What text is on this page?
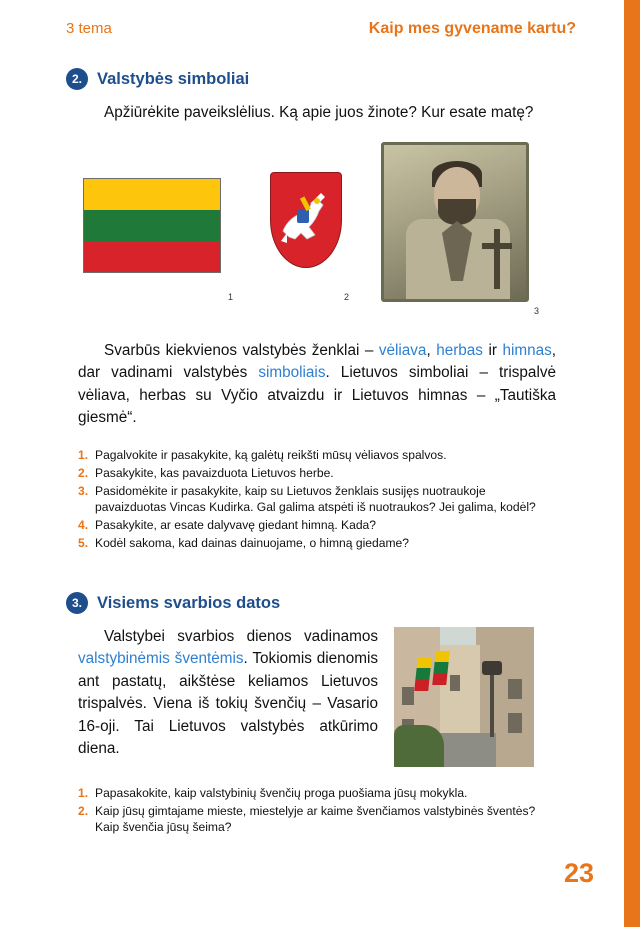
3 tema	Kaip mes gyvename kartu?
2. Valstybės simboliai
Apžiūrėkite paveikslėlius. Ką apie juos žinote? Kur esate matę?
1	2
3
Svarbūs kiekvienos valstybės ženklai – vėliava, herbas ir himnas, dar vadinami valstybės simboliais. Lietuvos simboliai – trispalvė vėliava, herbas su Vyčio atvaizdu ir Lietuvos himnas – „Tautiška giesmė“.
1. Pagalvokite ir pasakykite, ką galėtų reikšti mūsų vėliavos spalvos.
2. Pasakykite, kas pavaizduota Lietuvos herbe.
3. Pasidomėkite ir pasakykite, kaip su Lietuvos ženklais susijęs nuotraukoje pavaizduotas Vincas Kudirka. Gal galima atspėti iš nuotraukos? Jei galima, kodėl?
4. Pasakykite, ar esate dalyvavę giedant himną. Kada?
5. Kodėl sakoma, kad dainas dainuojame, o himną giedame?
3. Visiems svarbios datos
Valstybei svarbios dienos vadinamos valstybinėmis šventėmis. Tokiomis dienomis ant pastatų, aikštėse keliamos Lietuvos trispalvės. Viena iš tokių švenčių – Vasario 16-oji. Tai Lietuvos valstybės atkūrimo diena.
1. Papasakokite, kaip valstybinių švenčių proga puošiama jūsų mokykla.
2. Kaip jūsų gimtajame mieste, miestelyje ar kaime švenčiamos valstybinės šventės? Kaip švenčia jūsų šeima?
23
